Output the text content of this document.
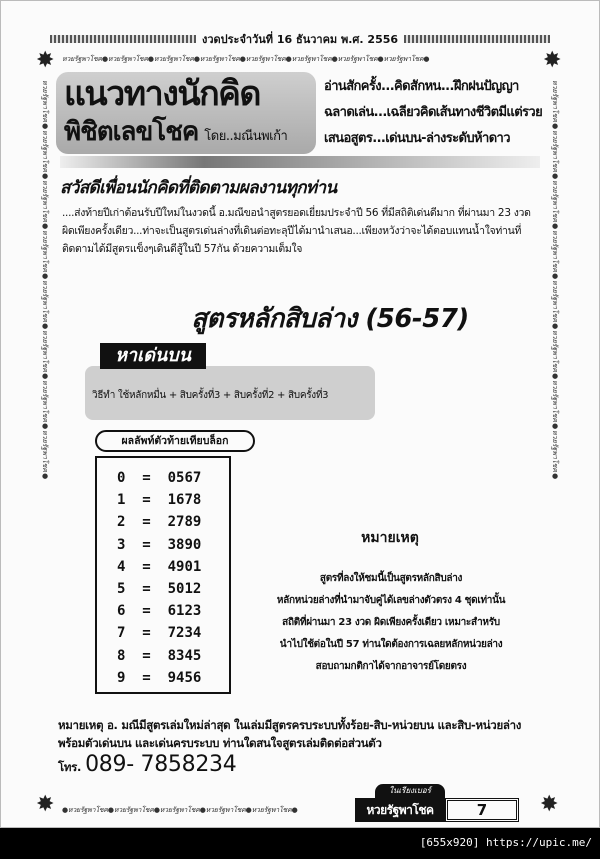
งวดประจำวันที่ 16 ธันวาคม พ.ศ. 2556
✸	✸
หวยรัฐพาโชค●หวยรัฐพาโชค●หวยรัฐพาโชค●หวยรัฐพาโชค●หวยรัฐพาโชค●หวยรัฐพาโชค●หวยรัฐพาโชค●หวยรัฐพาโชค●
หวยรัฐพาโชค●หวยรัฐพาโชค●หวยรัฐพาโชค●หวยรัฐพาโชค●หวยรัฐพาโชค●หวยรัฐพาโชค●หวยรัฐพาโชค●หวยรัฐพาโชค●	หวยรัฐพาโชค●หวยรัฐพาโชค●หวยรัฐพาโชค●หวยรัฐพาโชค●หวยรัฐพาโชค●หวยรัฐพาโชค●หวยรัฐพาโชค●หวยรัฐพาโชค●
แนวทางนักคิด
พิชิตเลขโชค โดย..มณีนพเก้า
อ่านสักครั้ง...คิดสักหน...ฝึกฝนปัญญา
ฉลาดเล่น...เฉลียวคิดเส้นทางชีวิตมีแต่รวย
เสนอสูตร...เด่นบน-ล่างระดับห้าดาว
สวัสดีเพื่อนนักคิดที่ติดตามผลงานทุกท่าน
....ส่งท้ายปีเก่าต้อนรับปีใหม่ในงวดนี้ อ.มณีขอนำสูตรยอดเยี่ยมประจำปี 56 ที่มีสถิติเด่นดีมาก ที่ผ่านมา 23 งวด ผิดเพียงครั้งเดียว...ท่าจะเป็นสูตรเด่นล่างที่เดินต่อทะลุปีได้มานำเสนอ...เพียงหวังว่าจะได้ตอบแทนน้ำใจท่านที่ติดตามได้มีสูตรแข็งๆเดินดีสู้ในปี 57กัน ด้วยความเต็มใจ
สูตรหลักสิบล่าง (56-57)
หาเด่นบน
วิธีทำ ใช้หลักหมื่น + สิบครั้งที่3 + สิบครั้งที่2 + สิบครั้งที่3
ผลลัพท์ตัวท้ายเทียบล็อก
0  =  0567
1  =  1678
2  =  2789
3  =  3890
4  =  4901
5  =  5012
6  =  6123
7  =  7234
8  =  8345
9  =  9456
หมายเหตุ
สูตรที่ลงให้ชมนี้เป็นสูตรหลักสิบล่าง
หลักหน่วยล่างที่นำมาจับคู่ได้เลขล่างตัวตรง 4 ชุดเท่านั้น
สถิติที่ผ่านมา 23 งวด ผิดเพียงครั้งเดียว เหมาะสำหรับ
นำไปใช้ต่อในปี 57 ท่านใดต้องการเฉลยหลักหน่วยล่าง
สอบถามกติกาได้จากอาจารย์โดยตรง
หมายเหตุ อ. มณีมีสูตรเล่มใหม่ล่าสุด ในเล่มมีสูตรครบระบบทั้งร้อย-สิบ-หน่วยบน และสิบ-หน่วยล่าง
พร้อมตัวเด่นบน และเด่นครบระบบ ท่านใดสนใจสูตรเล่มติดต่อส่วนตัว โทร. 089- 7858234
✸	✸
●หวยรัฐพาโชค●หวยรัฐพาโชค●หวยรัฐพาโชค●หวยรัฐพาโชค●หวยรัฐพาโชค●
ในเรียงเบอร์
หวยรัฐพาโชค	7
[655x920] https://upic.me/
